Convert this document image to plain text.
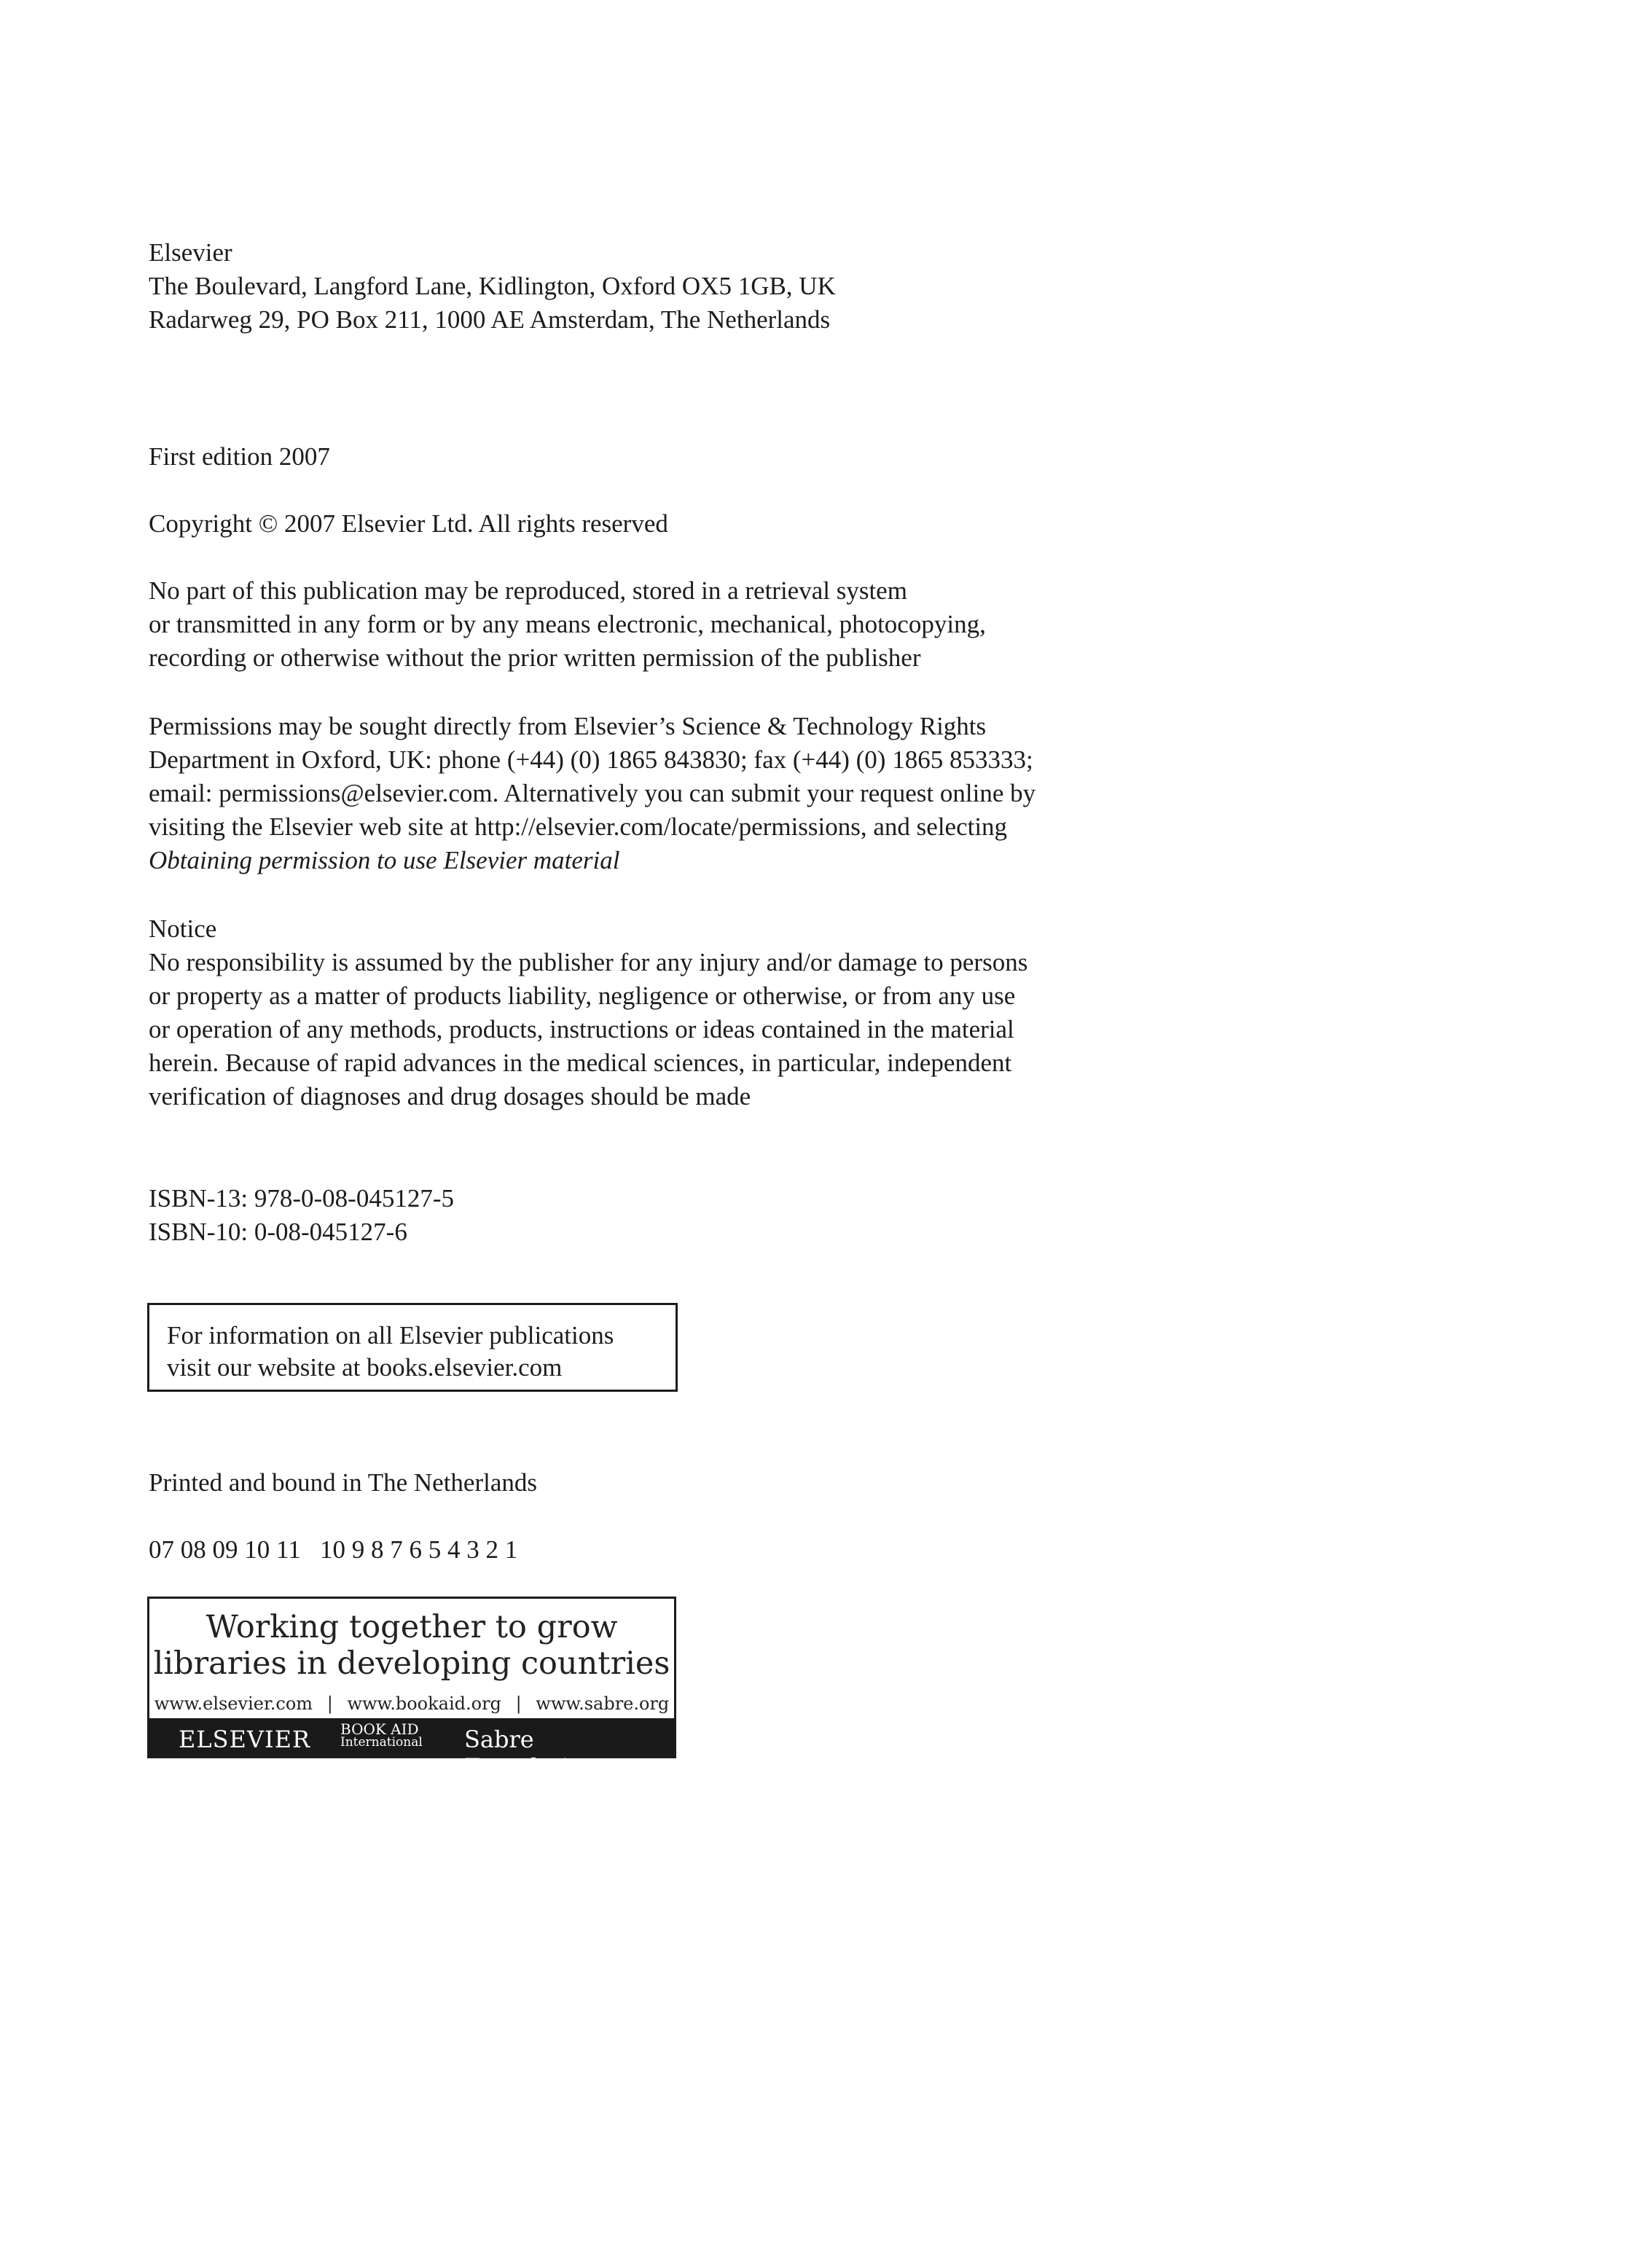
Elsevier
The Boulevard, Langford Lane, Kidlington, Oxford OX5 1GB, UK
Radarweg 29, PO Box 211, 1000 AE Amsterdam, The Netherlands
First edition 2007
Copyright © 2007 Elsevier Ltd. All rights reserved
No part of this publication may be reproduced, stored in a retrieval system
or transmitted in any form or by any means electronic, mechanical, photocopying,
recording or otherwise without the prior written permission of the publisher
Permissions may be sought directly from Elsevier’s Science & Technology Rights
Department in Oxford, UK: phone (+44) (0) 1865 843830; fax (+44) (0) 1865 853333;
email: permissions@elsevier.com. Alternatively you can submit your request online by
visiting the Elsevier web site at http://elsevier.com/locate/permissions, and selecting
Obtaining permission to use Elsevier material
Notice
No responsibility is assumed by the publisher for any injury and/or damage to persons
or property as a matter of products liability, negligence or otherwise, or from any use
or operation of any methods, products, instructions or ideas contained in the material
herein. Because of rapid advances in the medical sciences, in particular, independent
verification of diagnoses and drug dosages should be made
ISBN-13: 978-0-08-045127-5
ISBN-10: 0-08-045127-6
For information on all Elsevier publications
visit our website at books.elsevier.com
Printed and bound in The Netherlands
07 08 09 10 11   10 9 8 7 6 5 4 3 2 1
Working together to grow
libraries in developing countries
www.elsevier.com | www.bookaid.org | www.sabre.org
ELSEVIER BOOK AID
International Sabre Foundation
